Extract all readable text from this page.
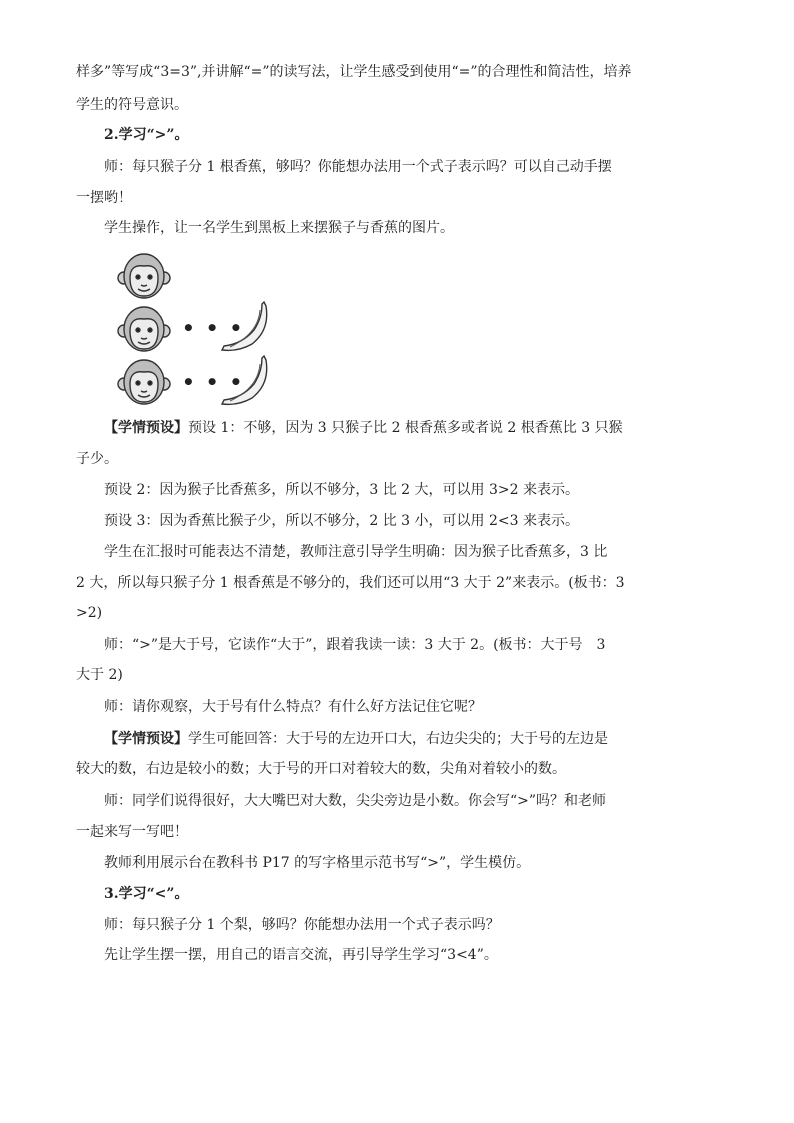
样多”等写成“3=3”,并讲解“=”的读写法，让学生感受到使用“=”的合理性和简洁性，培养
学生的符号意识。
2.学习“>”。
师：每只猴子分 1 根香蕉，够吗？你能想办法用一个式子表示吗？可以自己动手摆
一摆哟！
学生操作，让一名学生到黑板上来摆猴子与香蕉的图片。
• • •
• • •
【学情预设】预设 1：不够，因为 3 只猴子比 2 根香蕉多或者说 2 根香蕉比 3 只猴
子少。
预设 2：因为猴子比香蕉多，所以不够分，3 比 2 大，可以用 3>2 来表示。
预设 3：因为香蕉比猴子少，所以不够分，2 比 3 小，可以用 2<3 来表示。
学生在汇报时可能表达不清楚，教师注意引导学生明确：因为猴子比香蕉多，3 比
2 大，所以每只猴子分 1 根香蕉是不够分的，我们还可以用“3 大于 2”来表示。(板书：3
>2)
师：“>”是大于号，它读作“大于”，跟着我读一读：3 大于 2。(板书：大于号　3
大于 2)
师：请你观察，大于号有什么特点？有什么好方法记住它呢？
【学情预设】学生可能回答：大于号的左边开口大，右边尖尖的；大于号的左边是
较大的数，右边是较小的数；大于号的开口对着较大的数，尖角对着较小的数。
师：同学们说得很好，大大嘴巴对大数，尖尖旁边是小数。你会写“>”吗？和老师
一起来写一写吧！
教师利用展示台在教科书 P17 的写字格里示范书写“>”，学生模仿。
3.学习“<”。
师：每只猴子分 1 个梨，够吗？你能想办法用一个式子表示吗？
先让学生摆一摆，用自己的语言交流，再引导学生学习“3<4”。
